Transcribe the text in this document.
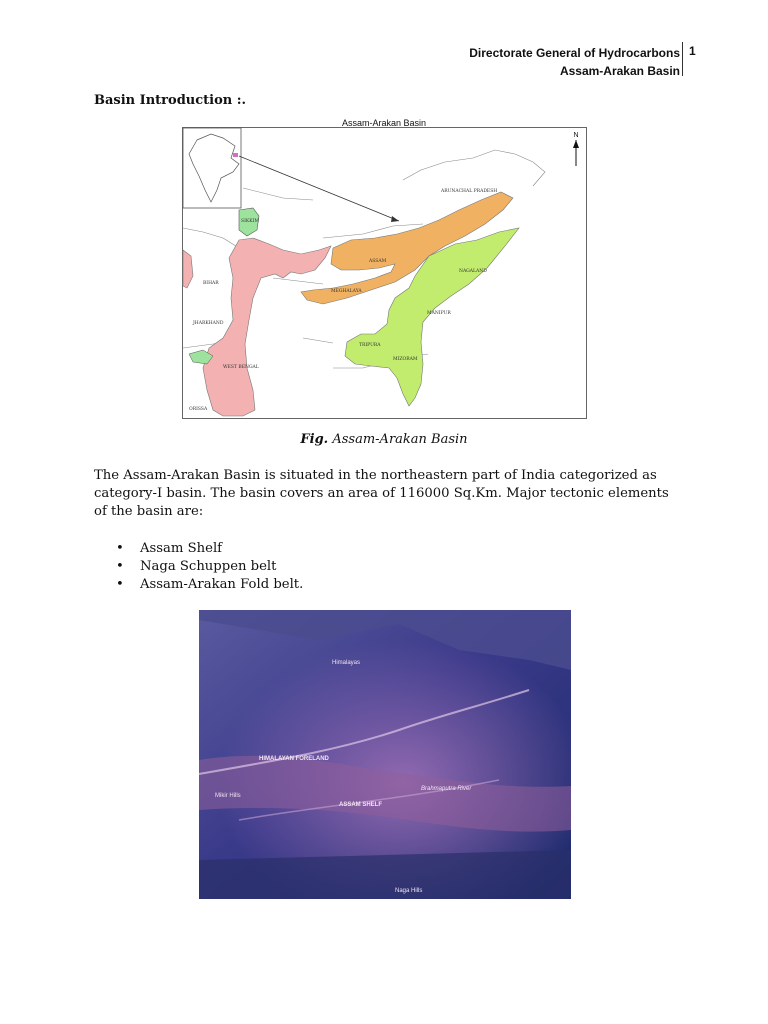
Directorate General of Hydrocarbons
Assam-Arakan Basin
1
Basin Introduction :.
Assam-Arakan Basin
N
SIKKIM
ARUNACHAL PRADESH
ASSAM
NAGALAND
MANIPUR
MIZORAM
TRIPURA
MEGHALAYA
BIHAR
JHARKHAND
WEST BENGAL
ORISSA
Fig. Assam-Arakan Basin
The Assam-Arakan Basin is situated in the northeastern part of India categorized as category-I basin. The basin covers an area of 116000 Sq.Km. Major tectonic elements of the basin are:
• Assam Shelf
• Naga Schuppen belt
• Assam-Arakan Fold belt.
Himalayas
HIMALAYAN FORELAND
Mikir Hills
Brahmaputra River
ASSAM SHELF
Naga Hills
